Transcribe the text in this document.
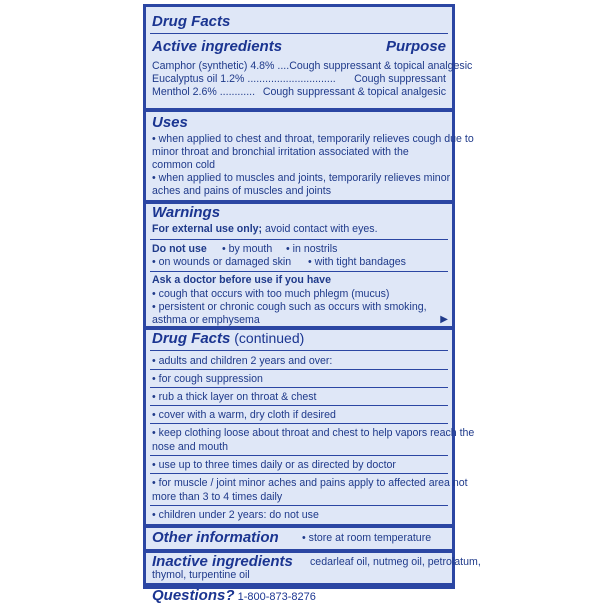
Drug Facts
Active ingredients	Purpose
Camphor (synthetic) 4.8% ....Cough suppressant & topical analgesic
Eucalyptus oil 1.2% .............................. Cough suppressant
Menthol 2.6% ............ Cough suppressant & topical analgesic
Uses
• when applied to chest and throat, temporarily relieves cough due to
minor throat and bronchial irritation associated with the
common cold
• when applied to muscles and joints, temporarily relieves minor
aches and pains of muscles and joints
Warnings
For external use only; avoid contact with eyes.
Do not use • by mouth • in nostrils
• on wounds or damaged skin • with tight bandages
Ask a doctor before use if you have
• cough that occurs with too much phlegm (mucus)
• persistent or chronic cough such as occurs with smoking,
asthma or emphysema	▶
Drug Facts (continued)
• adults and children 2 years and over:
• for cough suppression
• rub a thick layer on throat & chest
• cover with a warm, dry cloth if desired
• keep clothing loose about throat and chest to help vapors reach the
nose and mouth
• use up to three times daily or as directed by doctor
• for muscle / joint minor aches and pains apply to affected area not
more than 3 to 4 times daily
• children under 2 years: do not use
Other information • store at room temperature
Inactive ingredients cedarleaf oil, nutmeg oil, petrolatum,
thymol, turpentine oil
Questions? 1-800-873-8276
